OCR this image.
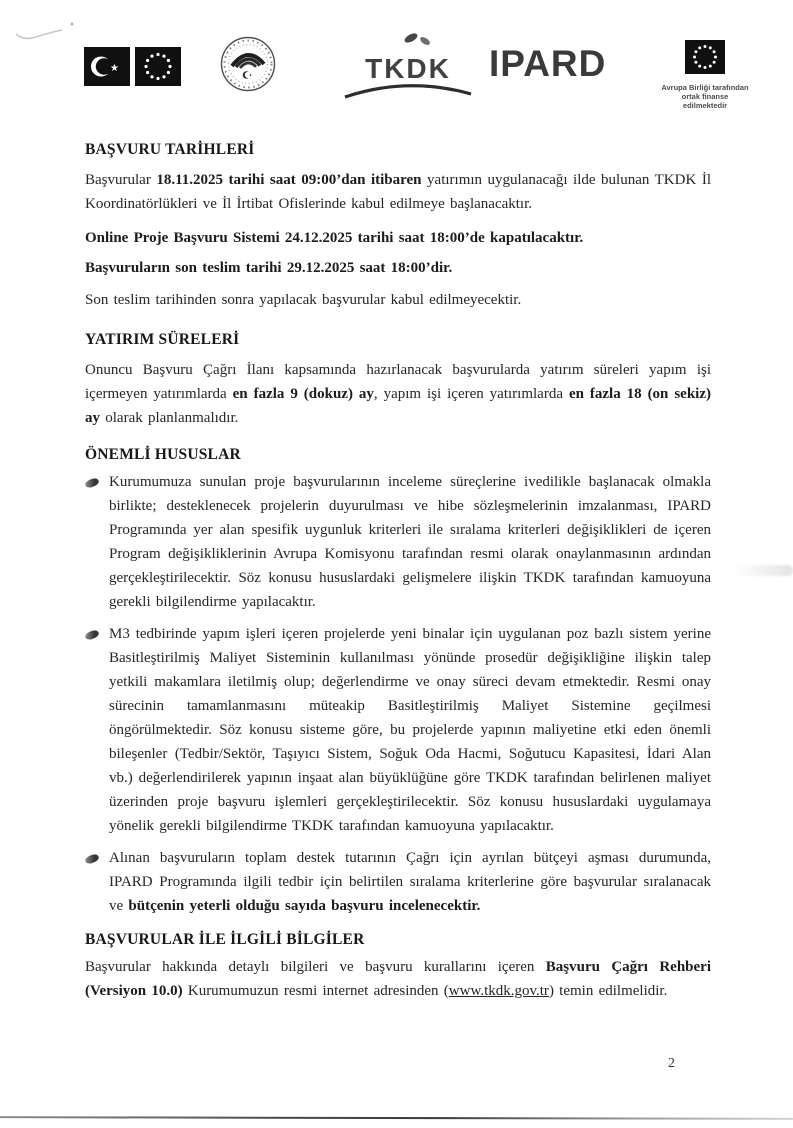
★	TKDK	IPARD
Avrupa Birliği tarafından
ortak finanse edilmektedir
BAŞVURU TARİHLERİ

Başvurular 18.11.2025 tarihi saat 09:00’dan itibaren yatırımın uygulanacağı ilde bulunan TKDK İl Koordinatörlükleri ve İl İrtibat Ofislerinde kabul edilmeye başlanacaktır.

Online Proje Başvuru Sistemi 24.12.2025 tarihi saat 18:00’de kapatılacaktır.

Başvuruların son teslim tarihi 29.12.2025 saat 18:00’dir.

Son teslim tarihinden sonra yapılacak başvurular kabul edilmeyecektir.

YATIRIM SÜRELERİ

Onuncu Başvuru Çağrı İlanı kapsamında hazırlanacak başvurularda yatırım süreleri yapım işi içermeyen yatırımlarda en fazla 9 (dokuz) ay, yapım işi içeren yatırımlarda en fazla 18 (on sekiz) ay olarak planlanmalıdır.

ÖNEMLİ HUSUSLAR

Kurumumuza sunulan proje başvurularının inceleme süreçlerine ivedilikle başlanacak olmakla birlikte; desteklenecek projelerin duyurulması ve hibe sözleşmelerinin imzalanması, IPARD Programında yer alan spesifik uygunluk kriterleri ile sıralama kriterleri değişiklikleri de içeren Program değişikliklerinin Avrupa Komisyonu tarafından resmi olarak onaylanmasının ardından gerçekleştirilecektir. Söz konusu hususlardaki gelişmelere ilişkin TKDK tarafından kamuoyuna gerekli bilgilendirme yapılacaktır.

M3 tedbirinde yapım işleri içeren projelerde yeni binalar için uygulanan poz bazlı sistem yerine Basitleştirilmiş Maliyet Sisteminin kullanılması yönünde prosedür değişikliğine ilişkin talep yetkili makamlara iletilmiş olup; değerlendirme ve onay süreci devam etmektedir. Resmi onay sürecinin tamamlanmasını müteakip Basitleştirilmiş Maliyet Sistemine geçilmesi öngörülmektedir. Söz konusu sisteme göre, bu projelerde yapının maliyetine etki eden önemli bileşenler (Tedbir/Sektör, Taşıyıcı Sistem, Soğuk Oda Hacmi, Soğutucu Kapasitesi, İdari Alan vb.) değerlendirilerek yapının inşaat alan büyüklüğüne göre TKDK tarafından belirlenen maliyet üzerinden proje başvuru işlemleri gerçekleştirilecektir. Söz konusu hususlardaki uygulamaya yönelik gerekli bilgilendirme TKDK tarafından kamuoyuna yapılacaktır.

Alınan başvuruların toplam destek tutarının Çağrı için ayrılan bütçeyi aşması durumunda, IPARD Programında ilgili tedbir için belirtilen sıralama kriterlerine göre başvurular sıralanacak ve bütçenin yeterli olduğu sayıda başvuru incelenecektir.

BAŞVURULAR İLE İLGİLİ BİLGİLER

Başvurular hakkında detaylı bilgileri ve başvuru kurallarını içeren Başvuru Çağrı Rehberi (Versiyon 10.0) Kurumumuzun resmi internet adresinden (www.tkdk.gov.tr) temin edilmelidir.

2
